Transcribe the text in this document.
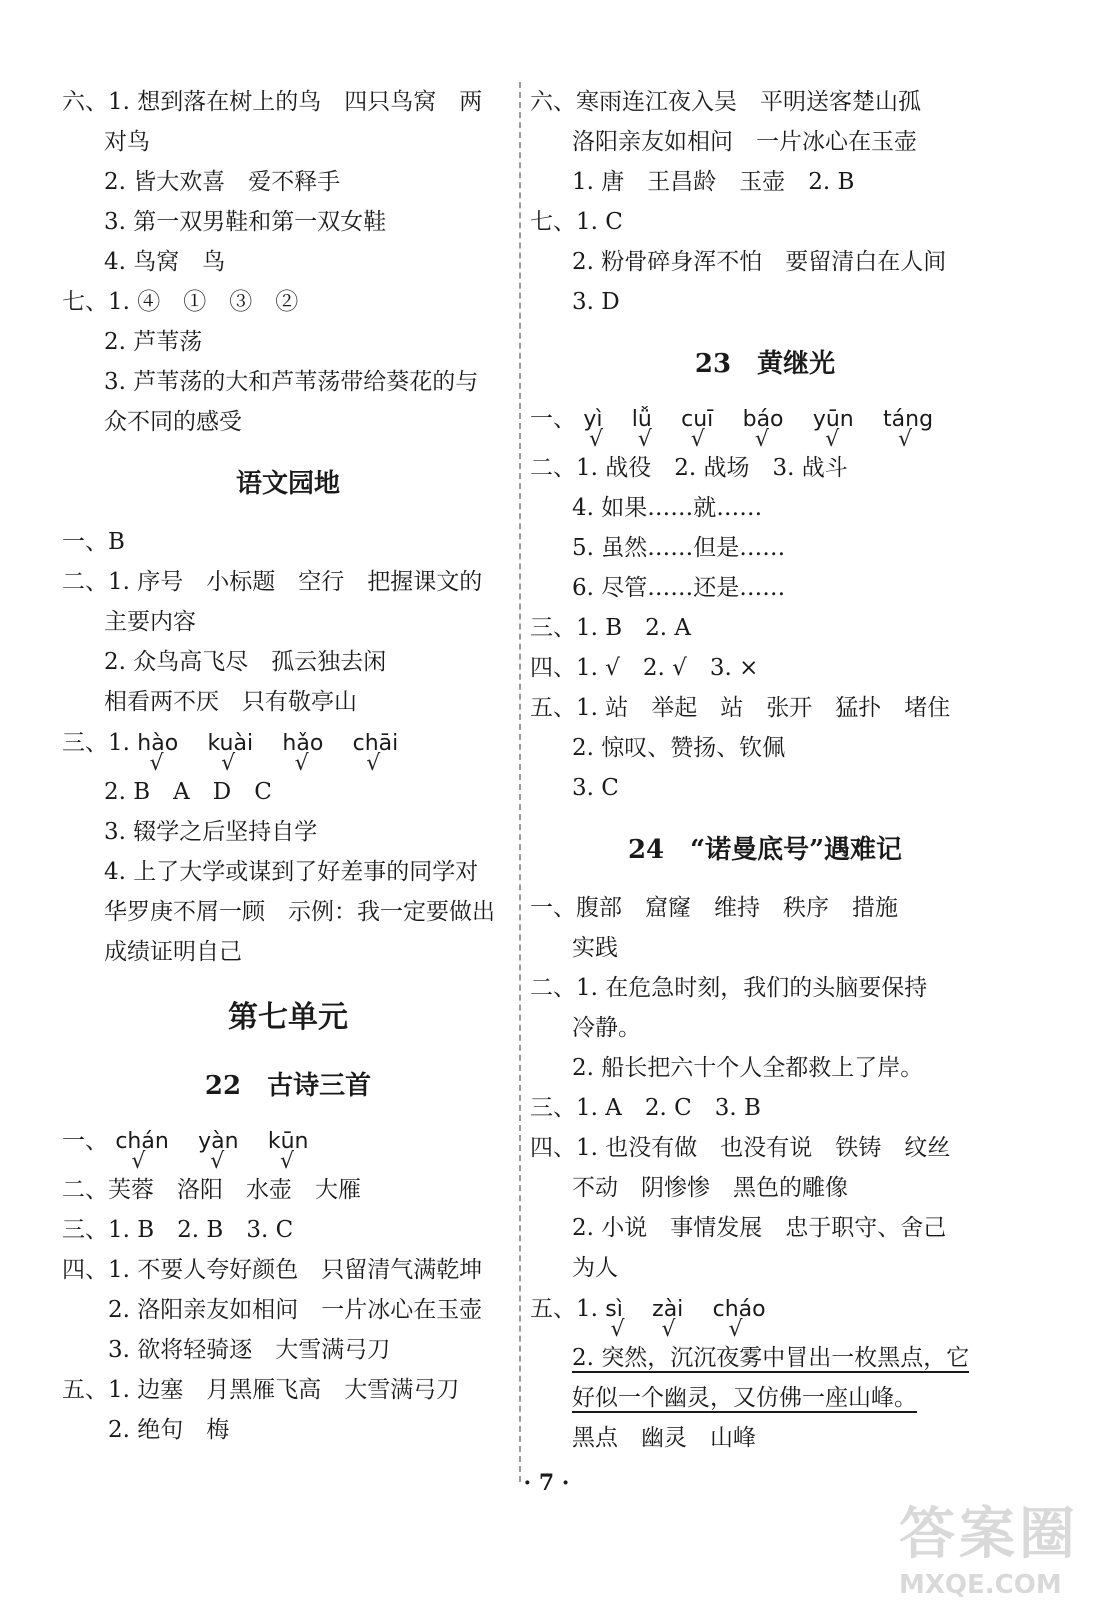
六、1. 想到落在树上的鸟　四只鸟窝　两
对鸟
2. 皆大欢喜　爱不释手
3. 第一双男鞋和第一双女鞋
4. 鸟窝　鸟
七、1. ④　①　③　②
2. 芦苇荡
3. 芦苇荡的大和芦苇荡带给葵花的与
众不同的感受
语文园地
一、B
二、1. 序号　小标题　空行　把握课文的
主要内容
2. 众鸟高飞尽　孤云独去闲
相看两不厌　只有敬亭山
三、1. hào
√
kuài
√
hǎo
√
chāi
√
2. B　A　D　C
3. 辍学之后坚持自学
4. 上了大学或谋到了好差事的同学对
华罗庚不屑一顾　示例：我一定要做出
成绩证明自己
第七单元
22　古诗三首
一、 chán
√
yàn
√
kūn
√
二、芙蓉　洛阳　水壶　大雁
三、1. B　2. B　3. C
四、1. 不要人夸好颜色　只留清气满乾坤
2. 洛阳亲友如相问　一片冰心在玉壶
3. 欲将轻骑逐　大雪满弓刀
五、1. 边塞　月黑雁飞高　大雪满弓刀
2. 绝句　梅
六、寒雨连江夜入吴　平明送客楚山孤
洛阳亲友如相问　一片冰心在玉壶
1. 唐　王昌龄　玉壶　2. B
七、1. C
2. 粉骨碎身浑不怕　要留清白在人间
3. D
23　黄继光
一、 yì
√
lǚ
√
cuī
√
báo
√
yūn
√
táng
√
二、1. 战役　2. 战场　3. 战斗
4. 如果……就……
5. 虽然……但是……
6. 尽管……还是……
三、1. B　2. A
四、1. √　2. √　3. ×
五、1. 站　举起　站　张开　猛扑　堵住
2. 惊叹、赞扬、钦佩
3. C
24　“诺曼底号”遇难记
一、腹部　窟窿　维持　秩序　措施
实践
二、1. 在危急时刻，我们的头脑要保持
冷静。
2. 船长把六十个人全都救上了岸。
三、1. A　2. C　3. B
四、1. 也没有做　也没有说　铁铸　纹丝
不动　阴惨惨　黑色的雕像
2. 小说　事情发展　忠于职守、舍己
为人
五、1. sì
√
zài
√
cháo
√
2. 突然，沉沉夜雾中冒出一枚黑点，它
好似一个幽灵，又仿佛一座山峰。
黑点　幽灵　山峰
· 7 ·
答案圈
MXQE.COM
